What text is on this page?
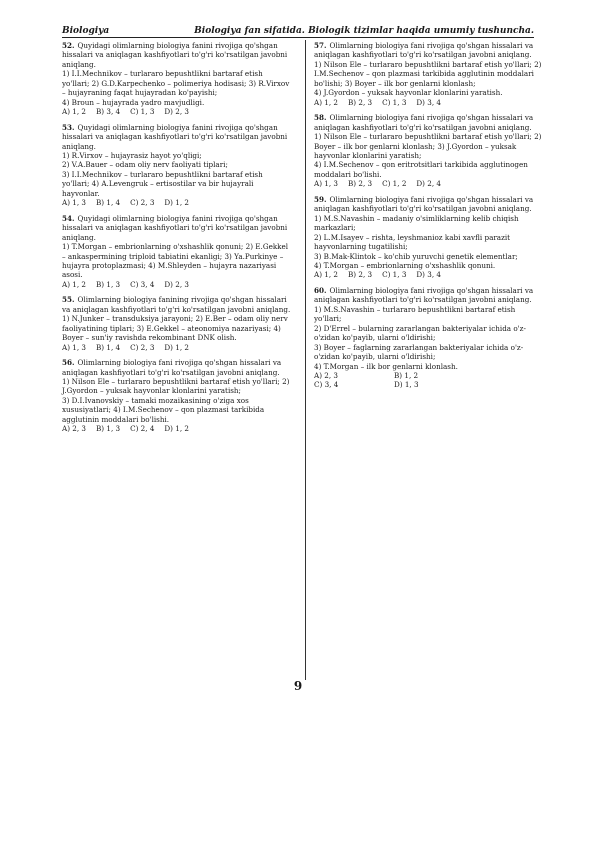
Biologiya	Biologiya fan sifatida. Biologik tizimlar haqida umumiy tushuncha.
52. Quyidagi olimlarning biologiya fanini rivojiga qo'shgan hissalari va aniqlagan kashfiyotlari to'g'ri ko'rsatilgan javobni aniqlang.
1) I.I.Mechnikov – turlararo bepushtlikni bartaraf etish yo'llari; 2) G.D.Karpechenko – polimeriya hodisasi; 3) R.Virxov – hujayraning faqat hujayradan ko'payishi;
4) Broun – hujayrada yadro mavjudligi.
A) 1, 2 B) 3, 4 C) 1, 3 D) 2, 3
53. Quyidagi olimlarning biologiya fanini rivojiga qo'shgan hissalari va aniqlagan kashfiyotlari to'g'ri ko'rsatilgan javobni aniqlang.
1) R.Virxov – hujayrasiz hayot yo'qligi;
2) V.A.Bauer – odam oliy nerv faoliyati tiplari;
3) I.I.Mechnikov – turlararo bepushtlikni bartaraf etish yo'llari; 4) A.Levengruk – ertisostilar va bir hujayrali hayvonlar.
A) 1, 3 B) 1, 4 C) 2, 3 D) 1, 2
54. Quyidagi olimlarning biologiya fanini rivojiga qo'shgan hissalari va aniqlagan kashfiyotlari to'g'ri ko'rsatilgan javobni aniqlang.
1) T.Morgan – embrionlarning o'xshashlik qonuni; 2) E.Gekkel – ankaspermining triploid tabiatini ekanligi; 3) Ya.Purkinye – hujayra protoplazmasi; 4) M.Shleyden – hujayra nazariyasi asosi.
A) 1, 2 B) 1, 3 C) 3, 4 D) 2, 3
55. Olimlarning biologiya fanining rivojiga qo'shgan hissalari va aniqlagan kashfiyotlari to'g'ri ko'rsatilgan javobni aniqlang.
1) N.Junker – transduksiya jarayoni; 2) E.Ber – odam oliy nerv faoliyatining tiplari; 3) E.Gekkel – ateonomiya nazariyasi; 4) Boyer – sun'iy ravishda rekombinant DNK olish.
A) 1, 3 B) 1, 4 C) 2, 3 D) 1, 2
56. Olimlarning biologiya fani rivojiga qo'shgan hissalari va aniqlagan kashfiyotlari to'g'ri ko'rsatilgan javobni aniqlang.
1) Nilson Ele – turlararo bepushtlikni bartaraf etish yo'llari; 2) J.Gyordon – yuksak hayvonlar klonlarini yaratish;
3) D.I.Ivanovskiy – tamaki mozaikasining o'ziga xos xususiyatlari; 4) I.M.Sechenov – qon plazmasi tarkibida agglutinin moddalari bo'lishi.
A) 2, 3 B) 1, 3 C) 2, 4 D) 1, 2
57. Olimlarning biologiya fani rivojiga qo'shgan hissalari va aniqlagan kashfiyotlari to'g'ri ko'rsatilgan javobni aniqlang.
1) Nilson Ele – turlararo bepushtlikni bartaraf etish yo'llari; 2) I.M.Sechenov – qon plazmasi tarkibida agglutinin moddalari bo'lishi; 3) Boyer – ilk bor genlarni klonlash;
4) J.Gyordon – yuksak hayvonlar klonlarini yaratish.
A) 1, 2 B) 2, 3 C) 1, 3 D) 3, 4
58. Olimlarning biologiya fani rivojiga qo'shgan hissalari va aniqlagan kashfiyotlari to'g'ri ko'rsatilgan javobni aniqlang.
1) Nilson Ele – turlararo bepushtlikni bartaraf etish yo'llari; 2) Boyer – ilk bor genlarni klonlash; 3) J.Gyordon – yuksak hayvonlar klonlarini yaratish;
4) I.M.Sechenov – qon eritrotsitlari tarkibida agglutinogen moddalari bo'lishi.
A) 1, 3 B) 2, 3 C) 1, 2 D) 2, 4
59. Olimlarning biologiya fani rivojiga qo'shgan hissalari va aniqlagan kashfiyotlari to'g'ri ko'rsatilgan javobni aniqlang.
1) M.S.Navashin – madaniy o'simliklarning kelib chiqish markazlari;
2) L.M.Isayev – rishta, leyshmanioz kabi xavfli parazit hayvonlarning tugatilishi;
3) B.Mak-Klintok – ko'chib yuruvchi genetik elementlar;
4) T.Morgan – embrionlarning o'xshashlik qonuni.
A) 1, 2 B) 2, 3 C) 1, 3 D) 3, 4
60. Olimlarning biologiya fani rivojiga qo'shgan hissalari va aniqlagan kashfiyotlari to'g'ri ko'rsatilgan javobni aniqlang.
1) M.S.Navashin – turlararo bepushtlikni bartaraf etish yo'llari;
2) D'Errel – bularning zararlangan bakteriyalar ichida o'z-o'zidan ko'payib, ularni o'ldirishi;
3) Boyer – faglarning zararlangan bakteriyalar ichida o'z-o'zidan ko'payib, ularni o'ldirishi;
4) T.Morgan – ilk bor genlarni klonlash.
A) 2, 3	B) 1, 2
C) 3, 4	D) 1, 3
9
